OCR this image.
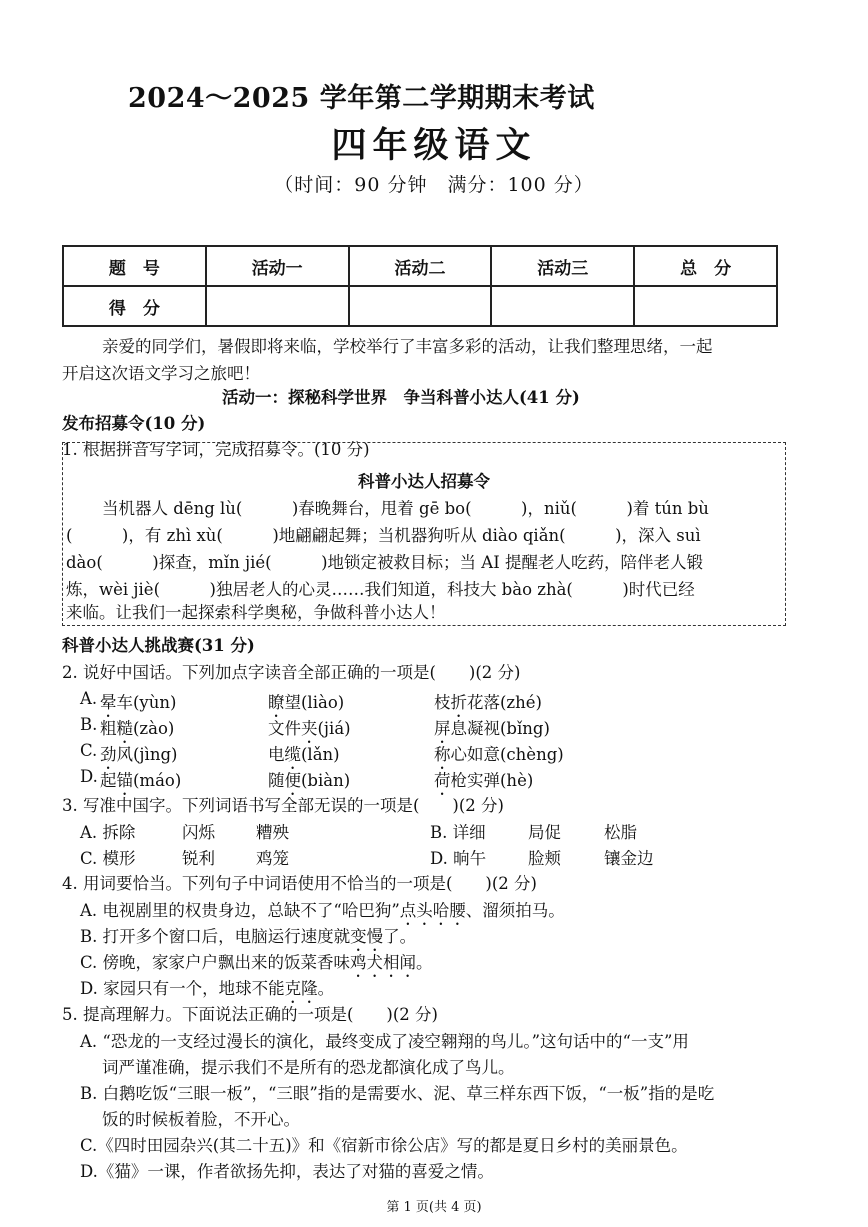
2024～2025 学年第二学期期末考试
四年级语文
（时间：90 分钟　满分：100 分）
题　号	活动一	活动二	活动三	总　分
得　分				
亲爱的同学们，暑假即将来临，学校举行了丰富多彩的活动，让我们整理思绪，一起
开启这次语文学习之旅吧！
活动一：探秘科学世界　争当科普小达人(41 分)
发布招募令(10 分)
1. 根据拼音写字词，完成招募令。(10 分)
科普小达人招募令
当机器人 dēng lù(　　　)春晚舞台，甩着 gē bo(　　　)，niǔ(　　　)着 tún bù
(　　　)，有 zhì xù(　　　)地翩翩起舞；当机器狗听从 diào qiǎn(　　　)，深入 suì
dào(　　　)探查，mǐn jié(　　　)地锁定被救目标；当 AI 提醒老人吃药，陪伴老人锻
炼，wèi jiè(　　　)独居老人的心灵……我们知道，科技大 bào zhà(　　　)时代已经
来临。让我们一起探索科学奥秘，争做科普小达人！
科普小达人挑战赛(31 分)
2. 说好中国话。下列加点字读音全部正确的一项是(　　)(2 分)
A. 晕车(yùn)	瞭望(liào)	枝折花落(zhé)
B. 粗糙(zào)	文件夹(jiá)	屏息凝视(bǐng)
C. 劲风(jìng)	电缆(lǎn)	称心如意(chèng)
D. 起锚(máo)	随便(biàn)	荷枪实弹(hè)
3. 写准中国字。下列词语书写全部无误的一项是(　　)(2 分)
A. 拆除	闪烁 糟殃	B. 详细	局促	松脂
C. 模形	锐利 鸡笼	D. 晌午	脸颊	镶金边
4. 用词要恰当。下列句子中词语使用不恰当的一项是(　　)(2 分)
A. 电视剧里的权贵身边，总缺不了“哈巴狗”点头哈腰、溜须拍马。
B. 打开多个窗口后，电脑运行速度就变慢了。
C. 傍晚，家家户户飘出来的饭菜香味鸡犬相闻。
D. 家园只有一个，地球不能克隆。
5. 提高理解力。下面说法正确的一项是(　　)(2 分)
A. “恐龙的一支经过漫长的演化，最终变成了凌空翱翔的鸟儿。”这句话中的“一支”用
词严谨准确，提示我们不是所有的恐龙都演化成了鸟儿。
B. 白鹅吃饭“三眼一板”，“三眼”指的是需要水、泥、草三样东西下饭，“一板”指的是吃
饭的时候板着脸，不开心。
C.《四时田园杂兴(其二十五)》和《宿新市徐公店》写的都是夏日乡村的美丽景色。
D.《猫》一课，作者欲扬先抑，表达了对猫的喜爱之情。
第 1 页(共 4 页)
